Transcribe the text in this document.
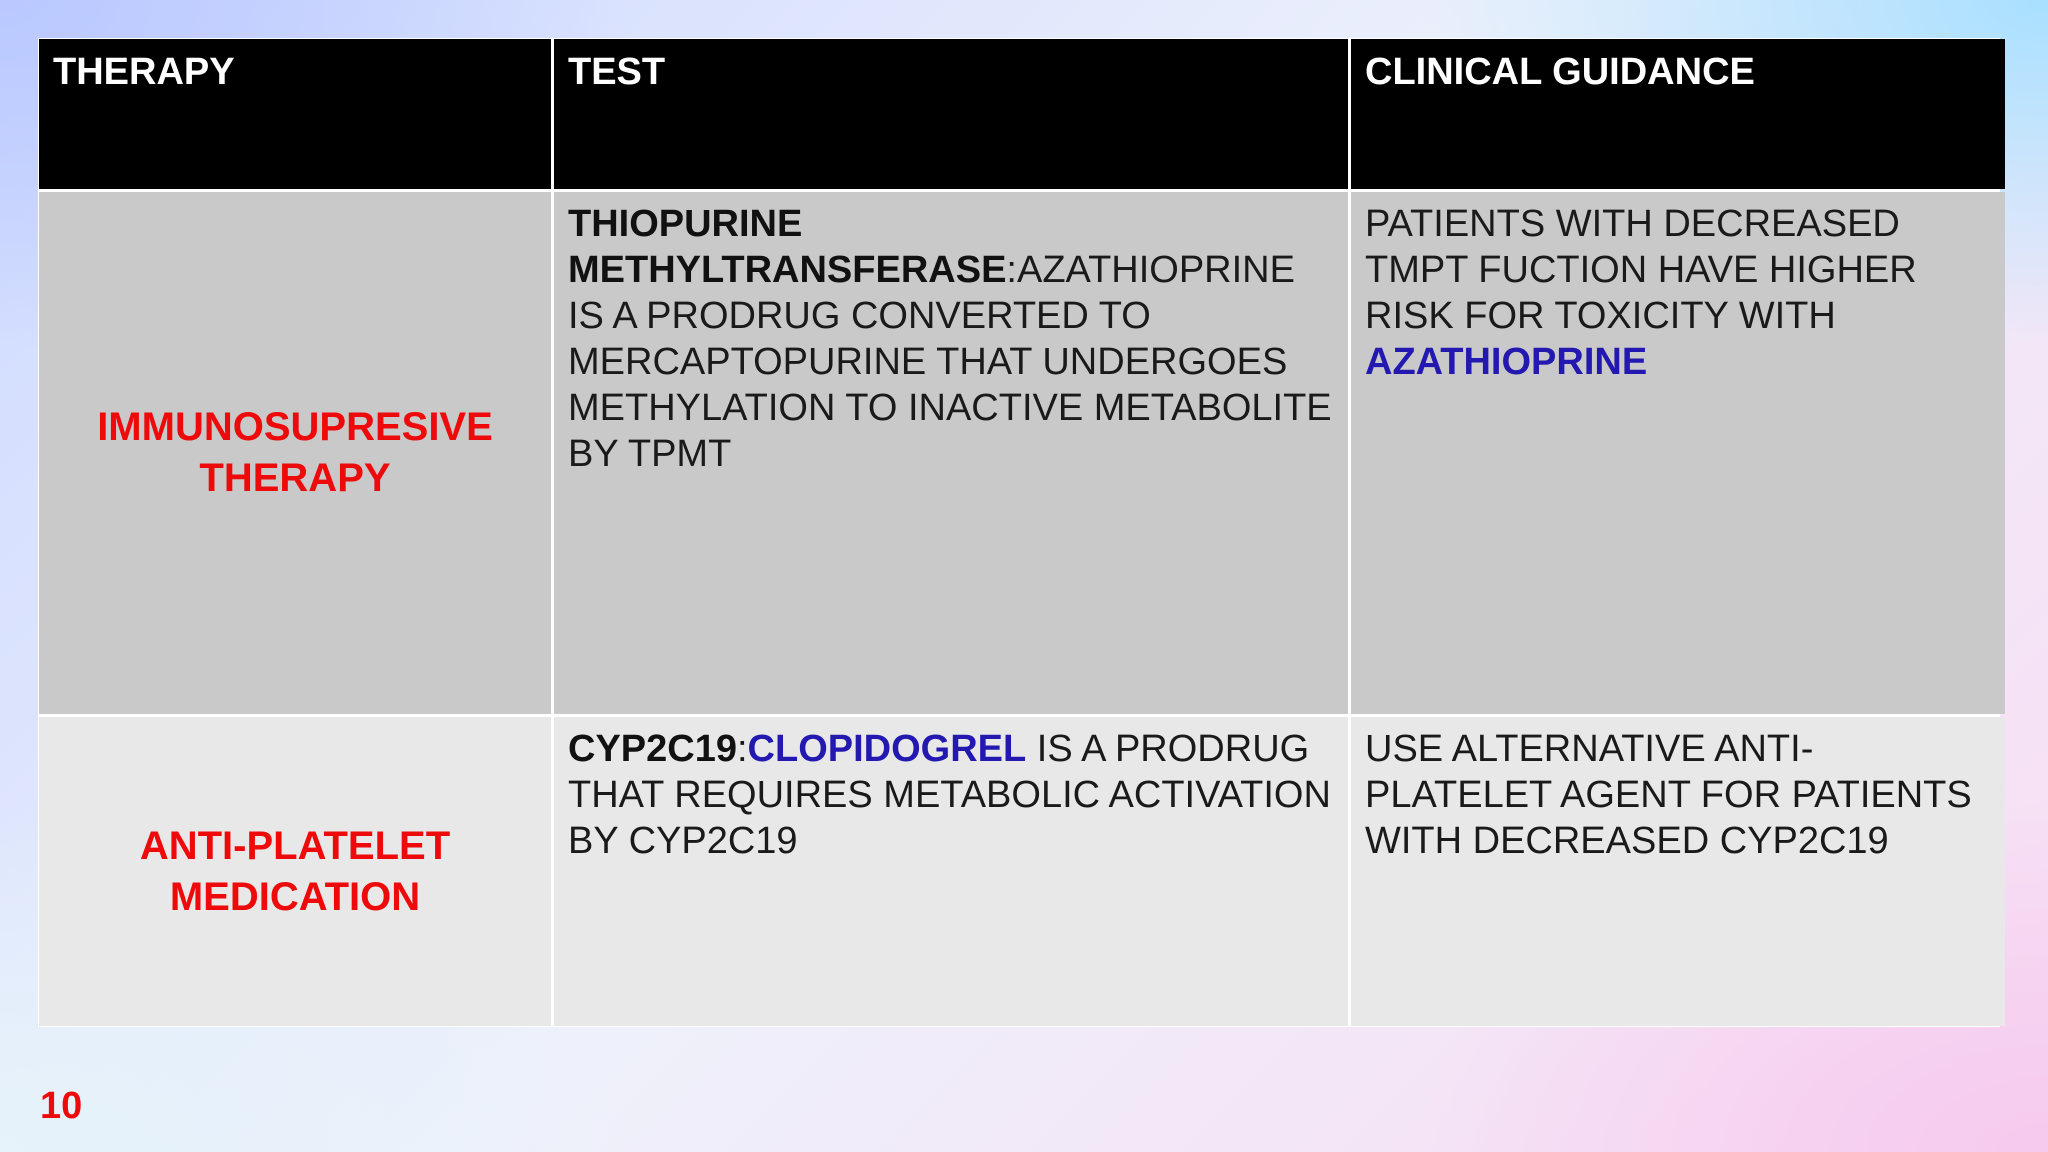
THERAPY	TEST	CLINICAL GUIDANCE
IMMUNOSUPRESIVE
THERAPY
THIOPURINE METHYLTRANSFERASE:AZATHIOPRINE IS A PRODRUG CONVERTED TO MERCAPTOPURINE THAT UNDERGOES METHYLATION TO INACTIVE METABOLITE BY TPMT
PATIENTS WITH DECREASED TMPT FUCTION HAVE HIGHER RISK FOR TOXICITY WITH AZATHIOPRINE
ANTI-PLATELET
MEDICATION
CYP2C19:CLOPIDOGREL IS A PRODRUG THAT REQUIRES METABOLIC ACTIVATION BY CYP2C19
USE ALTERNATIVE ANTI-PLATELET AGENT FOR PATIENTS WITH DECREASED CYP2C19
10
